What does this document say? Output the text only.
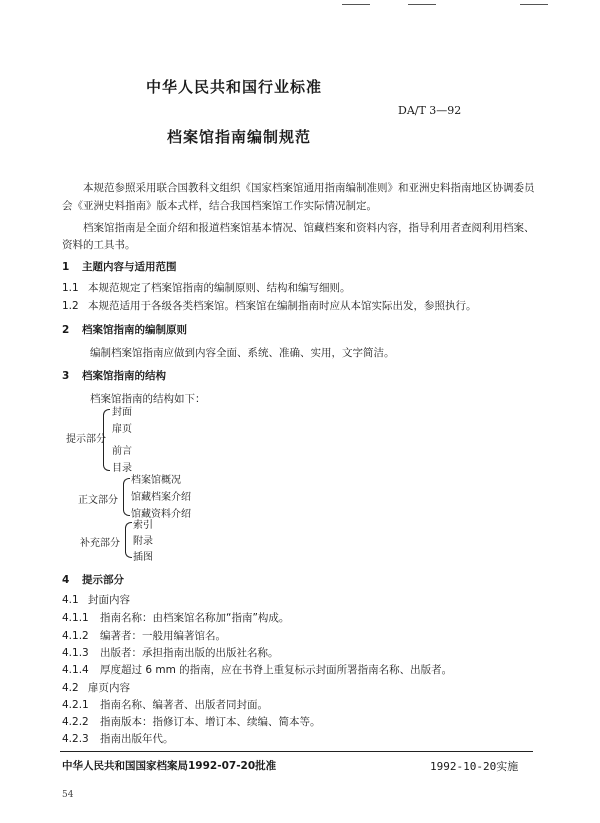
中华人民共和国行业标准
DA/T 3—92
档案馆指南编制规范
本规范参照采用联合国教科文组织《国家档案馆通用指南编制准则》和亚洲史料指南地区协调委员
会《亚洲史料指南》版本式样，结合我国档案馆工作实际情况制定。
档案馆指南是全面介绍和报道档案馆基本情况、馆藏档案和资料内容，指导利用者查阅利用档案、
资料的工具书。
1 主题内容与适用范围
1.1 本规范规定了档案馆指南的编制原则、结构和编写细则。
1.2 本规范适用于各级各类档案馆。档案馆在编制指南时应从本馆实际出发，参照执行。
2 档案馆指南的编制原则
编制档案馆指南应做到内容全面、系统、准确、实用，文字简洁。
3 档案馆指南的结构
档案馆指南的结构如下：
提示部分
封面
扉页
前言
目录
正文部分
档案馆概况
馆藏档案介绍
馆藏资料介绍
补充部分
索引
附录
插图
4 提示部分
4.1 封面内容
4.1.1 指南名称：由档案馆名称加“指南”构成。
4.1.2 编著者：一般用编著馆名。
4.1.3 出版者：承担指南出版的出版社名称。
4.1.4 厚度超过 6 mm 的指南，应在书脊上重复标示封面所署指南名称、出版者。
4.2 扉页内容
4.2.1 指南名称、编著者、出版者同封面。
4.2.2 指南版本：指修订本、增订本、续编、简本等。
4.2.3 指南出版年代。
中华人民共和国国家档案局1992-07-20批准	1992-10-20实施
54
